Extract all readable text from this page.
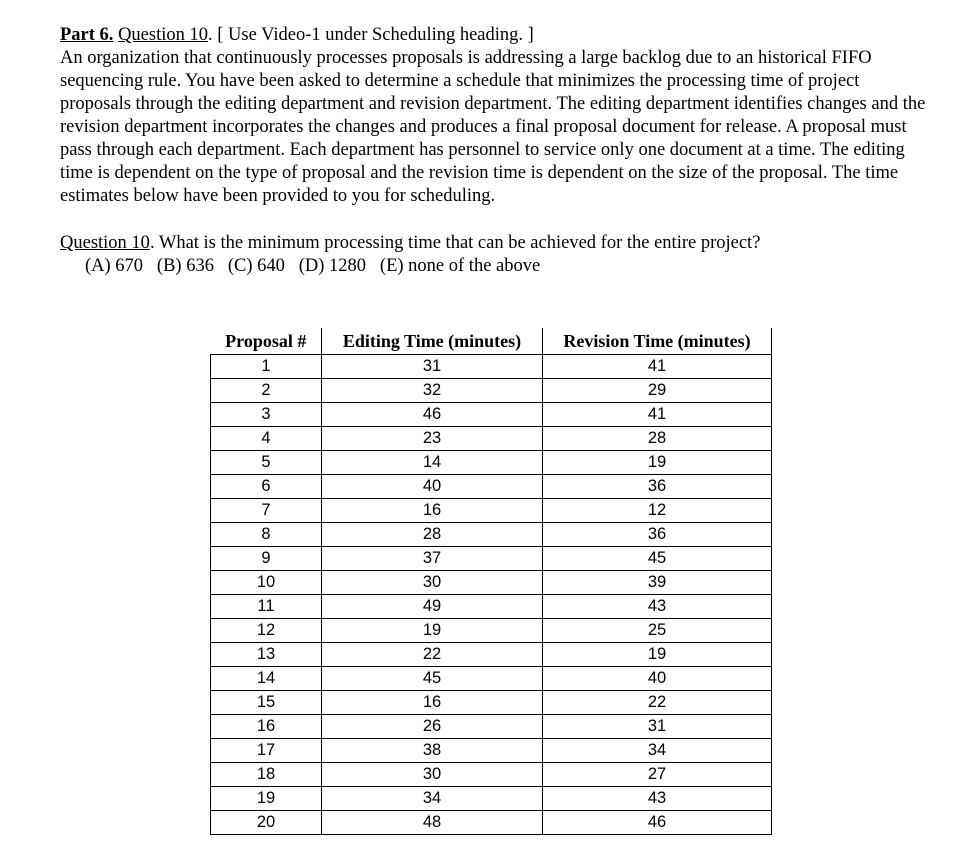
Part 6. Question 10. [ Use Video-1 under Scheduling heading. ]

An organization that continuously processes proposals is addressing a large backlog due to an historical FIFO sequencing rule. You have been asked to determine a schedule that minimizes the processing time of project proposals through the editing department and revision department. The editing department identifies changes and the revision department incorporates the changes and produces a final proposal document for release. A proposal must pass through each department. Each department has personnel to service only one document at a time. The editing time is dependent on the type of proposal and the revision time is dependent on the size of the proposal. The time estimates below have been provided to you for scheduling.

Question 10. What is the minimum processing time that can be achieved for the entire project?

(A) 670   (B) 636   (C) 640   (D) 1280   (E) none of the above

Proposal #	Editing Time (minutes)	Revision Time (minutes)
1	31	41
2	32	29
3	46	41
4	23	28
5	14	19
6	40	36
7	16	12
8	28	36
9	37	45
10	30	39
11	49	43
12	19	25
13	22	19
14	45	40
15	16	22
16	26	31
17	38	34
18	30	27
19	34	43
20	48	46
